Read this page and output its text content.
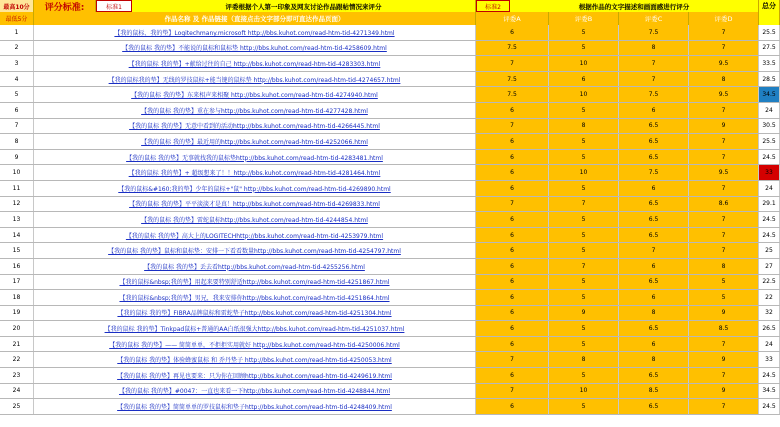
最高10分	评分标准:	标准1	评委根据个人第一印象及网友讨论作品跟帖情况来评分	标准2	根据作品的文字描述和画面感进行评分	总分
最低5分	作品名称 及 作品链接（直接点击文字部分即可直达作品页面）	评委A	评委B	评委C	评委D
1	【我的鼠标、我的垫】Logitechmany.microsoft http://bbs.kuhot.com/read-htm-tid-4271349.html	6	5	7.5	7	25.5
2	【我的鼠标 我的垫】不能说的鼠标和鼠标垫 http://bbs.kuhot.com/read-htm-tid-4258609.html	7.5	5	8	7	27.5
3	【我的鼠标 我的垫】+献给过往的自己 http://bbs.kuhot.com/read-htm-tid-4283303.html	7	10	7	9.5	33.5
4	【我的鼠标我的垫】无线的罗技鼠标+能当键的鼠标垫 http://bbs.kuhot.com/read-htm-tid-4274657.html	7.5	6	7	8	28.5
5	【我的鼠标 我的垫】东来相声来相聚 http://bbs.kuhot.com/read-htm-tid-4274940.html	7.5	10	7.5	9.5	34.5
6	【我的鼠标 我的垫】重在参与http://bbs.kuhot.com/read-htm-tid-4277428.html	6	5	6	7	24
7	【我的鼠标 我的垫】无意中看到的活动http://bbs.kuhot.com/read-htm-tid-4266445.html	7	8	6.5	9	30.5
8	【我的鼠标 我的垫】最近用的http://bbs.kuhot.com/read-htm-tid-4252066.html	6	5	6.5	7	25.5
9	【我的鼠标 我的垫】无事就找我的鼠标垫http://bbs.kuhot.com/read-htm-tid-4283481.html	6	5	6.5	7	24.5
10	【我的鼠标 我的垫】+ 超级想来了！！http://bbs.kuhot.com/read-htm-tid-4281464.html	6	10	7.5	9.5	33
11	【我的鼠标&#160;我的垫】少年的鼠标+"鼠" http://bbs.kuhot.com/read-htm-tid-4269890.html	6	5	6	7	24
12	【我的鼠标 我的垫】平平淡淡才是真！http://bbs.kuhot.com/read-htm-tid-4269833.html	7	7	6.5	8.6	29.1
13	【我的鼠标 我的垫】雷蛇鼠标http://bbs.kuhot.com/read-htm-tid-4244854.html	6	5	6.5	7	24.5
14	【我的鼠标 我的垫】高大上的LOGITECHhttp://bbs.kuhot.com/read-htm-tid-4253979.html	6	5	6.5	7	24.5
15	【我的鼠标 我的垫】鼠标和鼠标垫：安排一下看看数量http://bbs.kuhot.com/read-htm-tid-4254797.html	6	5	7	7	25
16	【我的鼠标 我的垫】丢去看http://bbs.kuhot.com/read-htm-tid-4255256.html	6	7	6	8	27
17	【我的鼠标&nbsp;我的垫】用起来要特别舒适http://bbs.kuhot.com/read-htm-tid-4251867.html	6	5	6.5	5	22.5
18	【我的鼠标&nbsp;我的垫】男兄，我来安排你http://bbs.kuhot.com/read-htm-tid-4251864.html	6	5	6	5	22
19	【我的鼠标 我的垫】FIBRA品牌鼠标和雷蛇垫子http://bbs.kuhot.com/read-htm-tid-4251304.html	6	9	8	9	32
20	【我的鼠标 我的垫】Tinkpad鼠标+普通的AA白纸很强大http://bbs.kuhot.com/read-htm-tid-4251037.html	6	5	6.5	8.5	26.5
21	【我的鼠标 我的垫】—— 简简单单，不拒拒实用就好 http://bbs.kuhot.com/read-htm-tid-4250006.html	6	5	6	7	24
22	【我的鼠标 我的垫】体验蜂蜜鼠标 和 乔丹垫子 http://bbs.kuhot.com/read-htm-tid-4250053.html	7	8	8	9	33
23	【我的鼠标 我的垫】再见也要来：只为你在回顾http://bbs.kuhot.com/read-htm-tid-4249619.html	6	5	6.5	7	24.5
24	【我的鼠标 我的垫】#0047：一直也来看一下http://bbs.kuhot.com/read-htm-tid-4248844.html	7	10	8.5	9	34.5
25	【我的鼠标 我的垫】简简单单的罗技鼠标和垫子http://bbs.kuhot.com/read-htm-tid-4248409.html	6	5	6.5	7	24.5
